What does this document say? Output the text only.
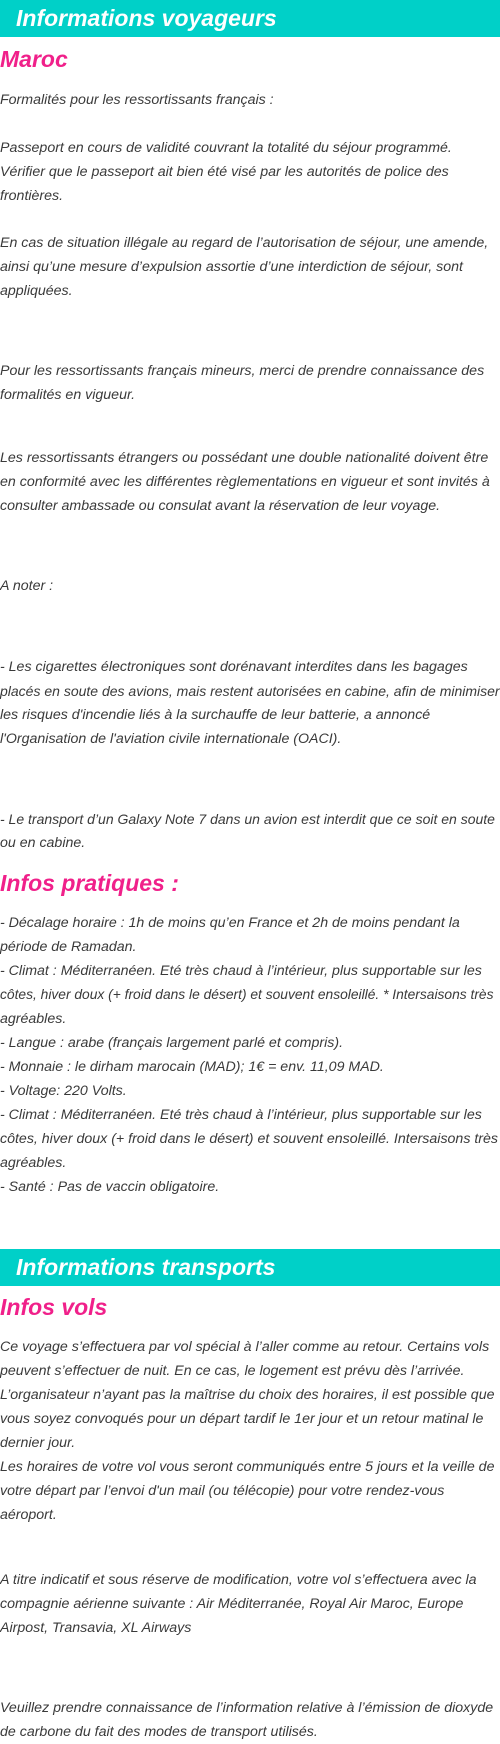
Informations voyageurs
Maroc
Formalités pour les ressortissants français :
Passeport en cours de validité couvrant la totalité du séjour programmé.
Vérifier que le passeport ait bien été visé par les autorités de police des
frontières.
En cas de situation illégale au regard de l’autorisation de séjour, une amende,
ainsi qu’une mesure d’expulsion assortie d’une interdiction de séjour, sont
appliquées.
Pour les ressortissants français mineurs, merci de prendre connaissance des
formalités en vigueur.
Les ressortissants étrangers ou possédant une double nationalité doivent être
en conformité avec les différentes règlementations en vigueur et sont invités à
consulter ambassade ou consulat avant la réservation de leur voyage.
A noter :
- Les cigarettes électroniques sont dorénavant interdites dans les bagages
placés en soute des avions, mais restent autorisées en cabine, afin de minimiser
les risques d'incendie liés à la surchauffe de leur batterie, a annoncé
l'Organisation de l'aviation civile internationale (OACI).
- Le transport d’un Galaxy Note 7 dans un avion est interdit que ce soit en soute
ou en cabine.
Infos pratiques :
- Décalage horaire : 1h de moins qu’en France et 2h de moins pendant la
période de Ramadan.
- Climat : Méditerranéen. Eté très chaud à l’intérieur, plus supportable sur les
côtes, hiver doux (+ froid dans le désert) et souvent ensoleillé. * Intersaisons très
agréables.
- Langue : arabe (français largement parlé et compris).
- Monnaie : le dirham marocain (MAD); 1€ = env. 11,09 MAD.
- Voltage: 220 Volts.
- Climat : Méditerranéen. Eté très chaud à l’intérieur, plus supportable sur les
côtes, hiver doux (+ froid dans le désert) et souvent ensoleillé. Intersaisons très
agréables.
- Santé : Pas de vaccin obligatoire.
Informations transports
Infos vols
Ce voyage s’effectuera par vol spécial à l’aller comme au retour. Certains vols
peuvent s’effectuer de nuit. En ce cas, le logement est prévu dès l’arrivée.
L’organisateur n’ayant pas la maîtrise du choix des horaires, il est possible que
vous soyez convoqués pour un départ tardif le 1er jour et un retour matinal le
dernier jour.
Les horaires de votre vol vous seront communiqués entre 5 jours et la veille de
votre départ par l’envoi d'un mail (ou télécopie) pour votre rendez-vous
aéroport.
A titre indicatif et sous réserve de modification, votre vol s’effectuera avec la
compagnie aérienne suivante : Air Méditerranée, Royal Air Maroc, Europe
Airpost, Transavia, XL Airways
Veuillez prendre connaissance de l’information relative à l’émission de dioxyde
de carbone du fait des modes de transport utilisés.
